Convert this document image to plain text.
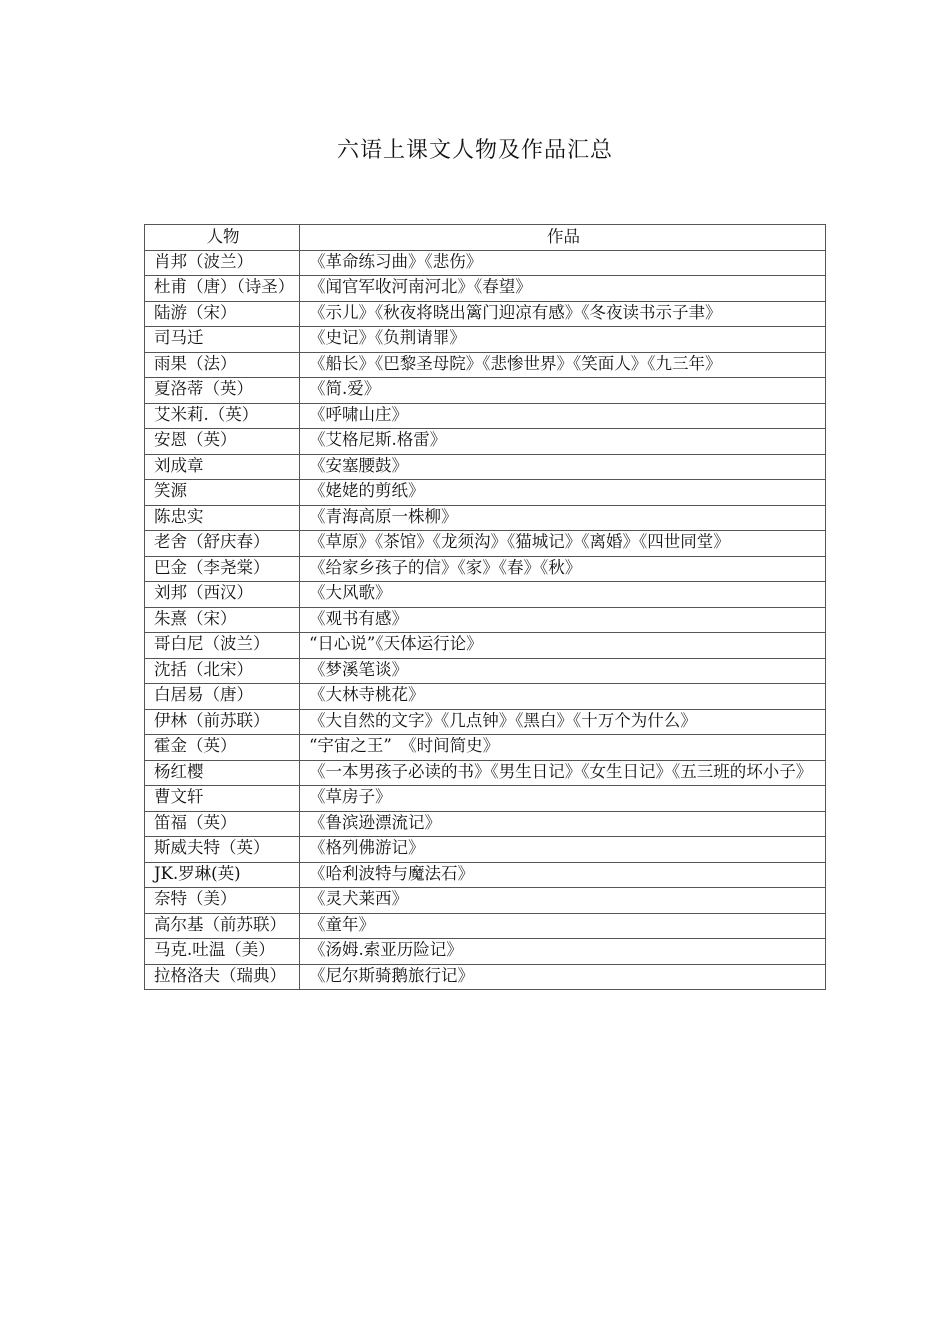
六语上课文人物及作品汇总
人物	作品
肖邦（波兰）	《革命练习曲》《悲伤》
杜甫（唐）（诗圣）	《闻官军收河南河北》《春望》
陆游（宋）	《示儿》《秋夜将晓出篱门迎凉有感》《冬夜读书示子聿》
司马迁	《史记》《负荆请罪》
雨果（法）	《船长》《巴黎圣母院》《悲惨世界》《笑面人》《九三年》
夏洛蒂（英）	《简.爱》
艾米莉.（英）	《呼啸山庄》
安恩（英）	《艾格尼斯.格雷》
刘成章	《安塞腰鼓》
笑源	《姥姥的剪纸》
陈忠实	《青海高原一株柳》
老舍（舒庆春）	《草原》《茶馆》《龙须沟》《猫城记》《离婚》《四世同堂》
巴金（李尧棠）	《给家乡孩子的信》《家》《春》《秋》
刘邦（西汉）	《大风歌》
朱熹（宋）	《观书有感》
哥白尼（波兰）	“日心说”《天体运行论》
沈括（北宋）	《梦溪笔谈》
白居易（唐）	《大林寺桃花》
伊林（前苏联）	《大自然的文字》《几点钟》《黑白》《十万个为什么》
霍金（英）	“宇宙之王”　《时间简史》
杨红樱	《一本男孩子必读的书》《男生日记》《女生日记》《五三班的坏小子》
曹文轩	《草房子》
笛福（英）	《鲁滨逊漂流记》
斯威夫特（英）	《格列佛游记》
JK.罗琳(英)	《哈利波特与魔法石》
奈特（美）	《灵犬莱西》
高尔基（前苏联）	《童年》
马克.吐温（美）	《汤姆.索亚历险记》
拉格洛夫（瑞典）	《尼尔斯骑鹅旅行记》
